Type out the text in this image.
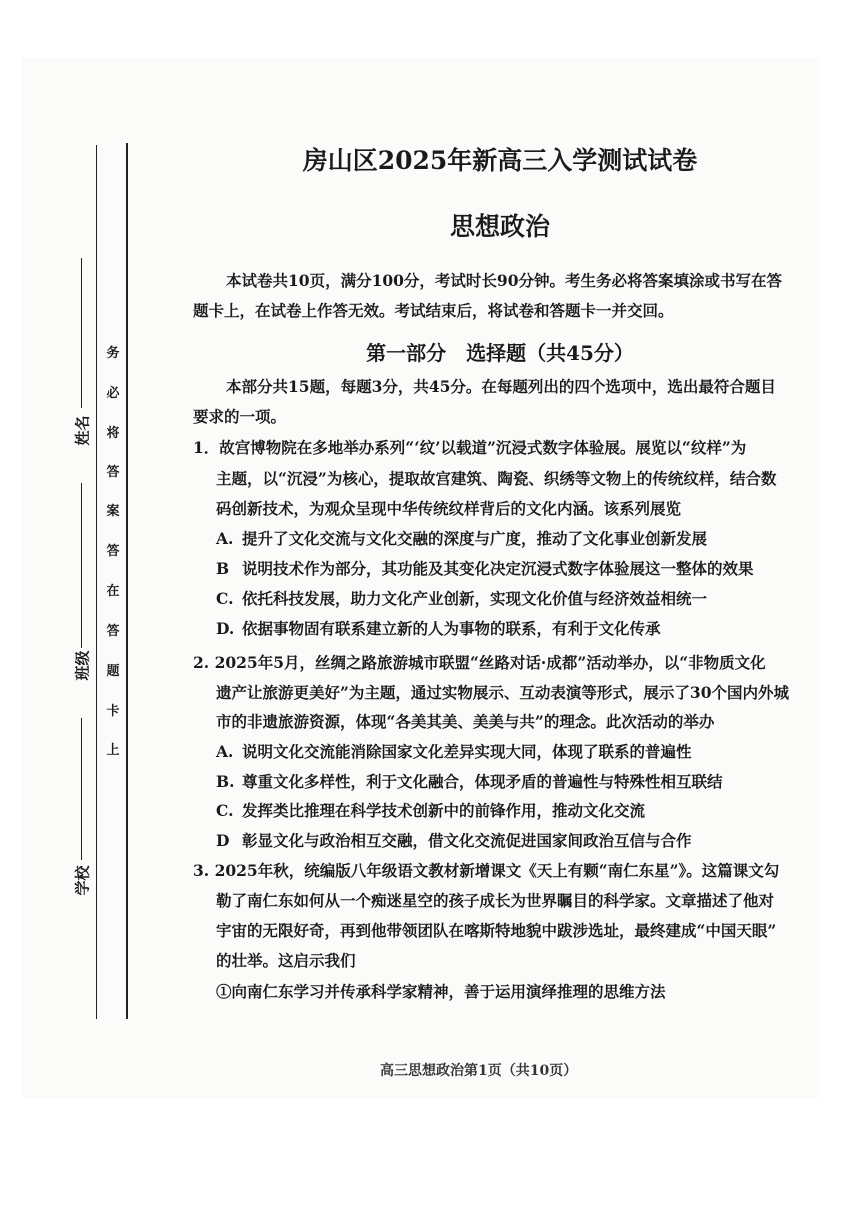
务
必
将
答
案
答
在
答
题
卡
上
姓名
班级
学校
房山区2025年新高三入学测试试卷
思想政治
本试卷共10页，满分100分，考试时长90分钟。考生务必将答案填涂或书写在答
题卡上，在试卷上作答无效。考试结束后，将试卷和答题卡一并交回。
第一部分　选择题（共45分）
本部分共15题，每题3分，共45分。在每题列出的四个选项中，选出最符合题目
要求的一项。
1．故宫博物院在多地举办系列“‘纹’以载道”沉浸式数字体验展。展览以“纹样”为
主题，以“沉浸”为核心，提取故宫建筑、陶瓷、织绣等文物上的传统纹样，结合数
码创新技术，为观众呈现中华传统纹样背后的文化内涵。该系列展览
A. 提升了文化交流与文化交融的深度与广度，推动了文化事业创新发展
B 说明技术作为部分，其功能及其变化决定沉浸式数字体验展这一整体的效果
C. 依托科技发展，助力文化产业创新，实现文化价值与经济效益相统一
D. 依据事物固有联系建立新的人为事物的联系，有利于文化传承
2. 2025年5月，丝绸之路旅游城市联盟“丝路对话·成都”活动举办，以“非物质文化
遗产让旅游更美好”为主题，通过实物展示、互动表演等形式，展示了30个国内外城
市的非遗旅游资源，体现“各美其美、美美与共”的理念。此次活动的举办
A. 说明文化交流能消除国家文化差异实现大同，体现了联系的普遍性
B. 尊重文化多样性，利于文化融合，体现矛盾的普遍性与特殊性相互联结
C. 发挥类比推理在科学技术创新中的前锋作用，推动文化交流
D 彰显文化与政治相互交融，借文化交流促进国家间政治互信与合作
3. 2025年秋，统编版八年级语文教材新增课文《天上有颗“南仁东星”》。这篇课文勾
勒了南仁东如何从一个痴迷星空的孩子成长为世界瞩目的科学家。文章描述了他对
宇宙的无限好奇，再到他带领团队在喀斯特地貌中跋涉选址，最终建成“中国天眼”
的壮举。这启示我们
①向南仁东学习并传承科学家精神，善于运用演绎推理的思维方法
